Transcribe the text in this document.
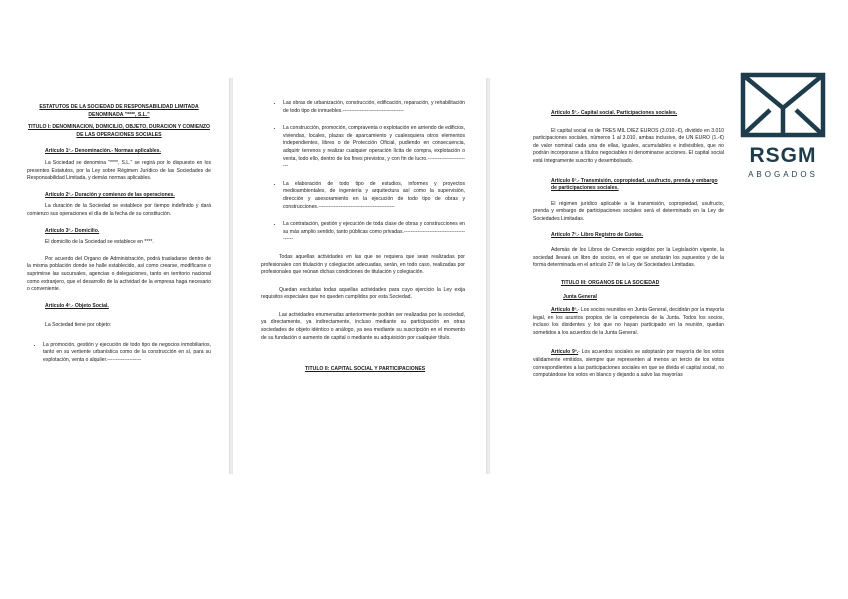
ESTATUTOS DE LA SOCIEDAD DE RESPONSABILIDAD LIMITADA
DENOMINADA "****, S.L."
TITULO I: DENOMINACION, DOMICILIO, OBJETO, DURACION Y COMIENZO DE LAS OPERACIONES SOCIALES
Artículo 1º.- Denominación.- Normas aplicables.
La Sociedad se denomina "****, S.L." se regirá por lo dispuesto en los presentes Estatutos, por la Ley sobre Régimen Jurídico de las Sociedades de Responsabilidad Limitada, y demás normas aplicables.
Artículo 2º.- Duración y comienzo de las operaciones.
La duración de la Sociedad se establece por tiempo indefinido y dará comienzo sus operaciones el día de la fecha de su constitución.
Artículo 3º.- Domicilio.
El domicilio de la Sociedad se establece en ****.
Por acuerdo del Organo de Administración, podrá trasladarse dentro de la misma población donde se halle establecido, así como crearse, modificarse o suprimirse las sucursales, agencias o delegaciones, tanto en territorio nacional como extranjero, que el desarrollo de la actividad de la empresa haga necesario o conveniente.
Artículo 4º.- Objeto Social.
La Sociedad tiene por objeto:
• La promoción, gestión y ejecución de todo tipo de negocios inmobiliarios, tanto en su vertiente urbanística como de la construcción en sí, para su explotación, venta o alquiler.--------------------
• Las obras de urbanización, construcción, edificación, reparación, y rehabilitación de todo tipo de inmuebles.------------------------------------
• La construcción, promoción, compraventa o explotación en arriendo de edificios, viviendas, locales, plazas de aparcamiento y cualesquiera otros elementos independientes, libres o de Protección Oficial, pudiendo en consecuencia, adquirir terrenos y realizar cualquier operación lícita de compra, explotación o venta, todo ello, dentro de los fines previstos, y con fin de lucro.-------------------------
• La elaboración de todo tipo de estudios, informes y proyectos medioambientales, de ingeniería y arquitectura así como la supervisión, dirección y asesoramiento en la ejecución de todo tipo de obras y construcciones.---------------------------------------------
• La contratación, gestión y ejecución de toda clase de obras y construcciones en su más amplio sentido, tanto públicas como privadas.------------------------------------------
Todas aquellas actividades en las que se requiera que sean realizadas por profesionales con titulación y colegiación adecuadas, serán, en todo caso, realizadas por profesionales que reúnan dichas condiciones de titulación y colegiación.
Quedan excluidas todas aquellas actividades para cuyo ejercicio la Ley exija requisitos especiales que no queden cumplidos por esta Sociedad.
Las actividades enumeradas anteriormente podrán ser realizadas por la sociedad, ya directamente, ya indirectamente, incluso mediante su participación en otras sociedades de objeto idéntico o análogo, ya sea mediante su suscripción en el momento de su fundación o aumento de capital o mediante su adquisición por cualquier título.
TITULO II: CAPITAL SOCIAL Y PARTICIPACIONES
Artículo 5º.- Capital social. Participaciones sociales.
El capital social es de TRES MIL DIEZ EUROS (3.010.-€), dividido en 3.010 participaciones sociales, números 1 al 3.010, ambas inclusive, de UN EURO (1.-€) de valor nominal cada una de ellas, iguales, acumulables e indivisibles, que no podrán incorporarse a títulos negociables ni denominarse acciones. El capital social está íntegramente suscrito y desembolsado.
Artículo 6º.- Transmisión, copropiedad, usufructo, prenda y embargo de participaciones sociales.
El régimen jurídico aplicable a la transmisión, copropiedad, usufructo, prenda y embargo de participaciones sociales será el determinado en la Ley de Sociedades Limitadas.
Artículo 7º.- Libro Registro de Cuotas.
Además de los Libros de Comercio exigidos por la Legislación vigente, la sociedad llevará un libro de socios, en el que se anotarán los supuestos y de la forma determinada en el artículo 27 de la Ley de Sociedades Limitadas.
TITULO III: ORGANOS DE LA SOCIEDAD
Junta General
Artículo 8º.- Los socios reunidos en Junta General, decidirán por la mayoría legal, en los asuntos propios de la competencia de la Junta. Todos los socios, incluso los disidentes y los que no hayan participado en la reunión, quedan sometidos a los acuerdos de la Junta General.
Artículo 9º.- Los acuerdos sociales se adoptarán por mayoría de los votos válidamente emitidos, siempre que representen al menos un tercio de los votos correspondientes a las participaciones sociales en que se divida el capital social, no computándose los votos en blanco y dejando a salvo las mayorías
RSGM
ABOGADOS
